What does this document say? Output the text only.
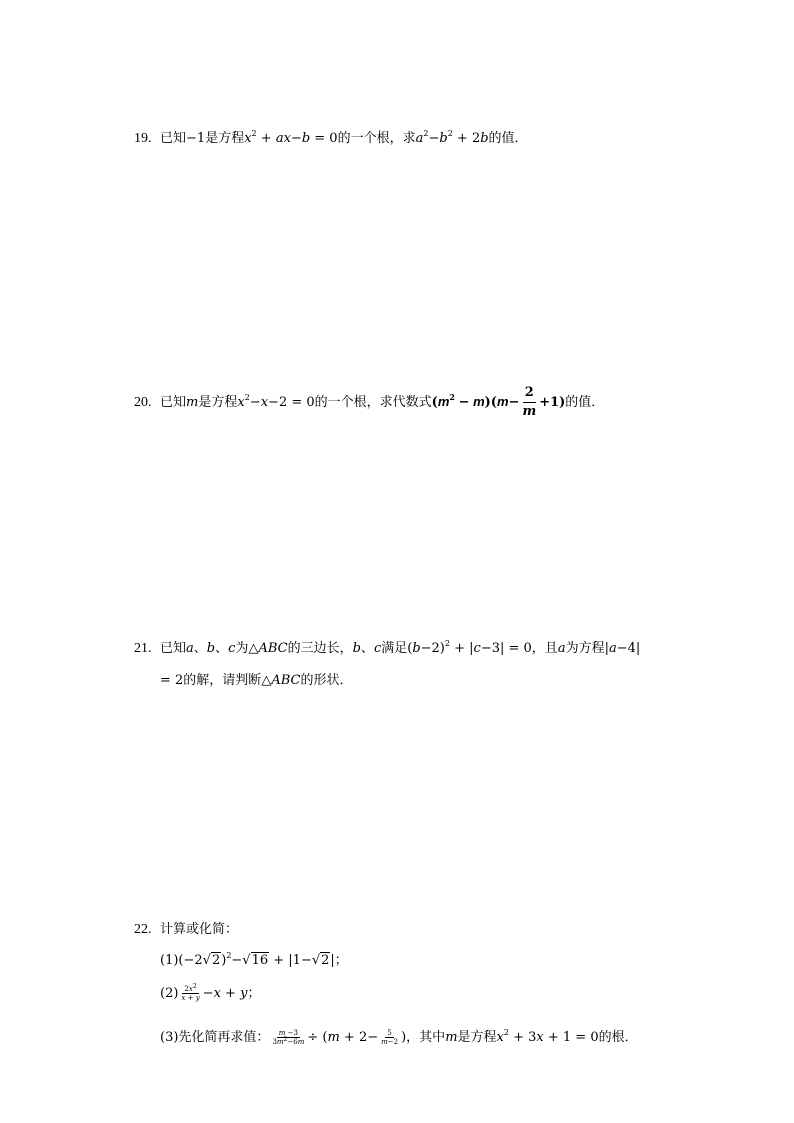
19. 已知−1是方程$x^2 + ax-b = 0$的一个根，求$a^2-b^2 + 2b$的值．
20. 已知m是方程$x^2-x-2 = 0$的一个根，求代数式$(m^2 - m)(m- \frac{2}{m} +1)$的值．
21. 已知a、b、c为△ABC的三边长，b、c满足$(b-2)^2 + |c-3| = 0$，且a为方程|a−4|
= 2的解，请判断△ABC的形状．
22. 计算或化简：
$(1)(-2√2)^2-√16 + |1-√2|$；
$(2) \frac{2x^2}{x + y} -x + y$；
(3)先化简再求值： $\frac{m -3}{3m^2-6m} \div (m + 2- \frac{5}{m-2}$ )，其中m是方程$x^2 + 3x + 1 = 0$的根．
